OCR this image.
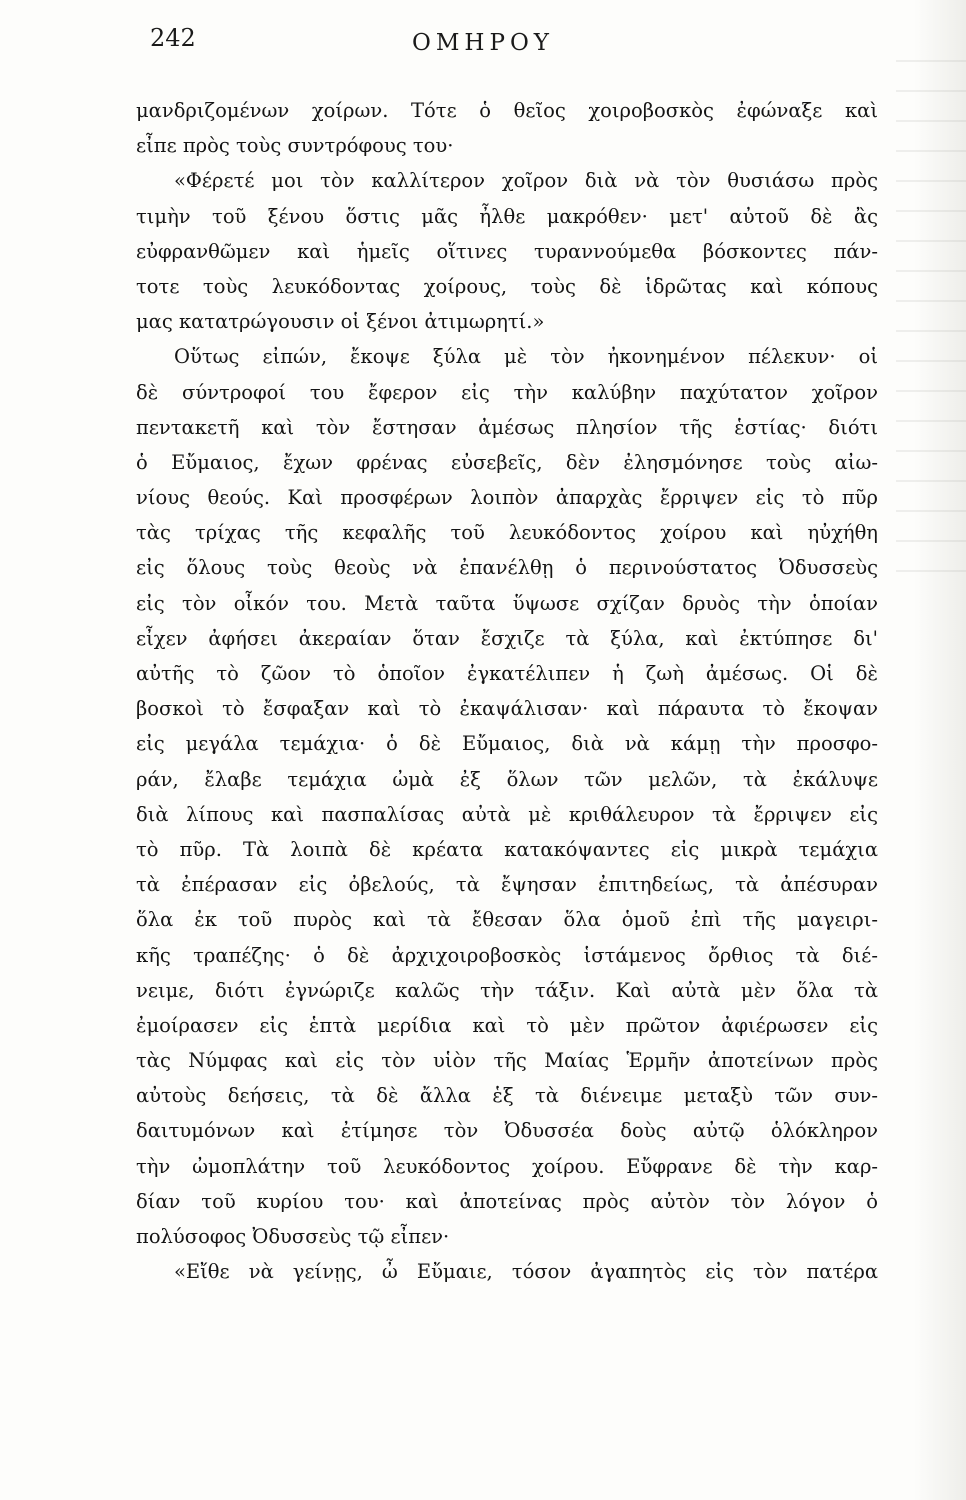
242	ΟΜΗΡΟΥ
μανδριζομένων χοίρων. Τότε ὁ θεῖος χοιροβοσκὸς ἐφώναξε καὶ
εἶπε πρὸς τοὺς συντρόφους του·
«Φέρετέ μοι τὸν καλλίτερον χοῖρον διὰ νὰ τὸν θυσιάσω πρὸς
τιμὴν τοῦ ξένου ὅστις μᾶς ἦλθε μακρόθεν· μετ' αὐτοῦ δὲ ἂς
εὐφρανθῶμεν καὶ ἡμεῖς οἵτινες τυραννούμεθα βόσκοντες πάν-
τοτε τοὺς λευκόδοντας χοίρους, τοὺς δὲ ἱδρῶτας καὶ κόπους
μας κατατρώγουσιν οἱ ξένοι ἀτιμωρητί.»
Οὕτως εἰπών, ἔκοψε ξύλα μὲ τὸν ἠκονημένον πέλεκυν· οἱ
δὲ σύντροφοί του ἔφερον εἰς τὴν καλύβην παχύτατον χοῖρον
πεντακετῆ καὶ τὸν ἔστησαν ἀμέσως πλησίον τῆς ἑστίας· διότι
ὁ Εὔμαιος, ἔχων φρένας εὐσεβεῖς, δὲν ἐλησμόνησε τοὺς αἰω-
νίους θεούς. Καὶ προσφέρων λοιπὸν ἀπαρχὰς ἔρριψεν εἰς τὸ πῦρ
τὰς τρίχας τῆς κεφαλῆς τοῦ λευκόδοντος χοίρου καὶ ηὐχήθη
εἰς ὅλους τοὺς θεοὺς νὰ ἐπανέλθῃ ὁ περινούστατος Ὀδυσσεὺς
εἰς τὸν οἶκόν του. Μετὰ ταῦτα ὕψωσε σχίζαν δρυὸς τὴν ὁποίαν
εἶχεν ἀφήσει ἀκεραίαν ὅταν ἔσχιζε τὰ ξύλα, καὶ ἐκτύπησε δι'
αὐτῆς τὸ ζῶον τὸ ὁποῖον ἐγκατέλιπεν ἡ ζωὴ ἀμέσως. Οἱ δὲ
βοσκοὶ τὸ ἔσφαξαν καὶ τὸ ἐκαψάλισαν· καὶ πάραυτα τὸ ἔκοψαν
εἰς μεγάλα τεμάχια· ὁ δὲ Εὔμαιος, διὰ νὰ κάμῃ τὴν προσφο-
ράν, ἔλαβε τεμάχια ὠμὰ ἐξ ὅλων τῶν μελῶν, τὰ ἐκάλυψε
διὰ λίπους καὶ πασπαλίσας αὐτὰ μὲ κριθάλευρον τὰ ἔρριψεν εἰς
τὸ πῦρ. Τὰ λοιπὰ δὲ κρέατα κατακόψαντες εἰς μικρὰ τεμάχια
τὰ ἐπέρασαν εἰς ὀβελούς, τὰ ἔψησαν ἐπιτηδείως, τὰ ἀπέσυραν
ὅλα ἐκ τοῦ πυρὸς καὶ τὰ ἔθεσαν ὅλα ὁμοῦ ἐπὶ τῆς μαγειρι-
κῆς τραπέζης· ὁ δὲ ἀρχιχοιροβοσκὸς ἱστάμενος ὄρθιος τὰ διέ-
νειμε, διότι ἐγνώριζε καλῶς τὴν τάξιν. Καὶ αὐτὰ μὲν ὅλα τὰ
ἐμοίρασεν εἰς ἑπτὰ μερίδια καὶ τὸ μὲν πρῶτον ἀφιέρωσεν εἰς
τὰς Νύμφας καὶ εἰς τὸν υἱὸν τῆς Μαίας Ἑρμῆν ἀποτείνων πρὸς
αὐτοὺς δεήσεις, τὰ δὲ ἄλλα ἑξ τὰ διένειμε μεταξὺ τῶν συν-
δαιτυμόνων καὶ ἐτίμησε τὸν Ὀδυσσέα δοὺς αὐτῷ ὁλόκληρον
τὴν ὠμοπλάτην τοῦ λευκόδοντος χοίρου. Εὔφρανε δὲ τὴν καρ-
δίαν τοῦ κυρίου του· καὶ ἀποτείνας πρὸς αὐτὸν τὸν λόγον ὁ
πολύσοφος Ὀδυσσεὺς τῷ εἶπεν·
«Εἴθε νὰ γείνῃς, ὦ Εὔμαιε, τόσον ἀγαπητὸς εἰς τὸν πατέρα
